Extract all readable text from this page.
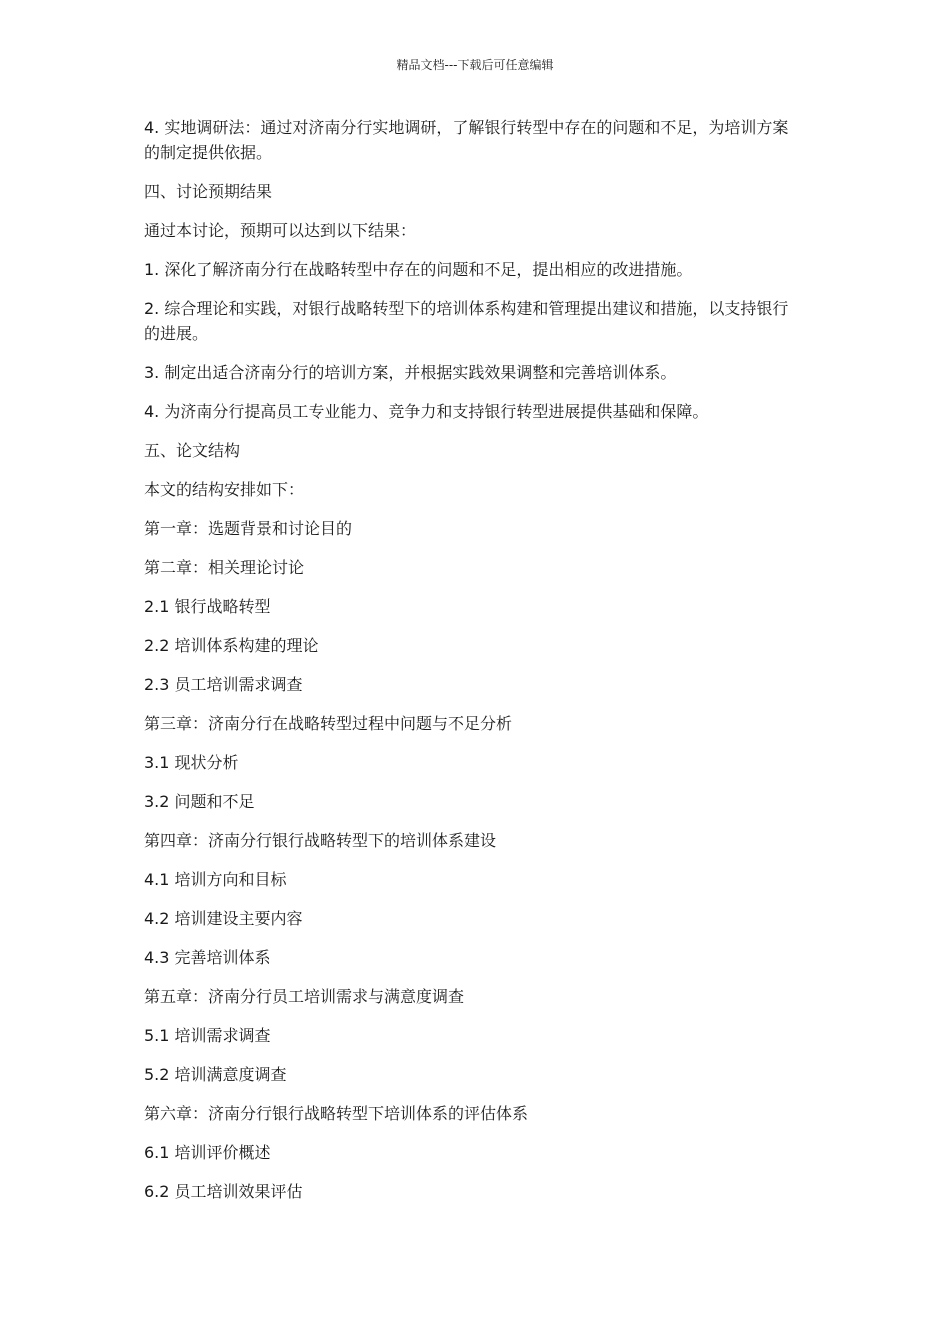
精品文档---下载后可任意编辑

4. 实地调研法：通过对济南分行实地调研，了解银行转型中存在的问题和不足，为培训方案的制定提供依据。

四、讨论预期结果

通过本讨论，预期可以达到以下结果：

1. 深化了解济南分行在战略转型中存在的问题和不足，提出相应的改进措施。

2. 综合理论和实践，对银行战略转型下的培训体系构建和管理提出建议和措施，以支持银行的进展。

3. 制定出适合济南分行的培训方案，并根据实践效果调整和完善培训体系。

4. 为济南分行提高员工专业能力、竞争力和支持银行转型进展提供基础和保障。

五、论文结构

本文的结构安排如下：

第一章：选题背景和讨论目的

第二章：相关理论讨论

2.1 银行战略转型

2.2 培训体系构建的理论

2.3 员工培训需求调查

第三章：济南分行在战略转型过程中问题与不足分析

3.1 现状分析

3.2 问题和不足

第四章：济南分行银行战略转型下的培训体系建设

4.1 培训方向和目标

4.2 培训建设主要内容

4.3 完善培训体系

第五章：济南分行员工培训需求与满意度调查

5.1 培训需求调查

5.2 培训满意度调查

第六章：济南分行银行战略转型下培训体系的评估体系

6.1 培训评价概述

6.2 员工培训效果评估
